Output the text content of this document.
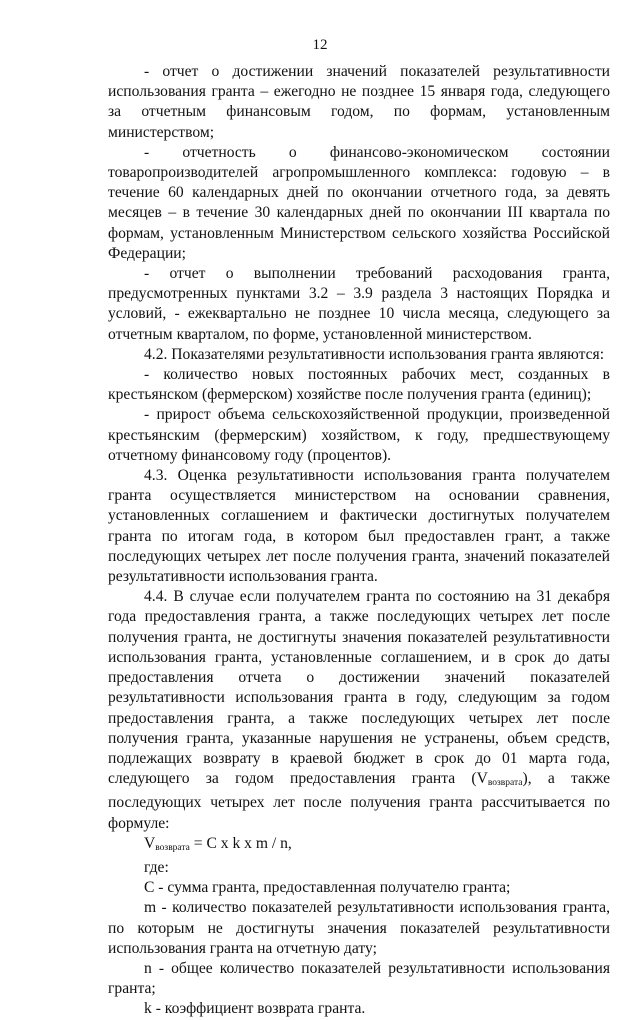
12

- отчет о достижении значений показателей результативности использования гранта – ежегодно не позднее 15 января года, следующего за отчетным финансовым годом, по формам, установленным министерством;

- отчетность о финансово-экономическом состоянии товаропроизводителей агропромышленного комплекса: годовую – в течение 60 календарных дней по окончании отчетного года, за девять месяцев – в течение 30 календарных дней по окончании III квартала по формам, установленным Министерством сельского хозяйства Российской Федерации;

- отчет о выполнении требований расходования гранта, предусмотренных пунктами 3.2 – 3.9 раздела 3 настоящих Порядка и условий, - ежеквартально не позднее 10 числа месяца, следующего за отчетным кварталом, по форме, установленной министерством.

4.2. Показателями результативности использования гранта являются:

- количество новых постоянных рабочих мест, созданных в крестьянском (фермерском) хозяйстве после получения гранта (единиц);

- прирост объема сельскохозяйственной продукции, произведенной крестьянским (фермерским) хозяйством, к году, предшествующему отчетному финансовому году (процентов).

4.3. Оценка результативности использования гранта получателем гранта осуществляется министерством на основании сравнения, установленных соглашением и фактически достигнутых получателем гранта по итогам года, в котором был предоставлен грант, а также последующих четырех лет после получения гранта, значений показателей результативности использования гранта.

4.4. В случае если получателем гранта по состоянию на 31 декабря года предоставления гранта, а также последующих четырех лет после получения гранта, не достигнуты значения показателей результативности использования гранта, установленные соглашением, и в срок до даты предоставления отчета о достижении значений показателей результативности использования гранта в году, следующим за годом предоставления гранта, а также последующих четырех лет после получения гранта, указанные нарушения не устранены, объем средств, подлежащих возврату в краевой бюджет в срок до 01 марта года, следующего за годом предоставления гранта $(V_{возврата})$, а также последующих четырех лет после получения гранта рассчитывается по формуле:

$V_{возврата} = C$ x k x m / n,

где:

C - сумма гранта, предоставленная получателю гранта;

m - количество показателей результативности использования гранта, по которым не достигнуты значения показателей результативности использования гранта на отчетную дату;

n - общее количество показателей результативности использования гранта;

k - коэффициент возврата гранта.
